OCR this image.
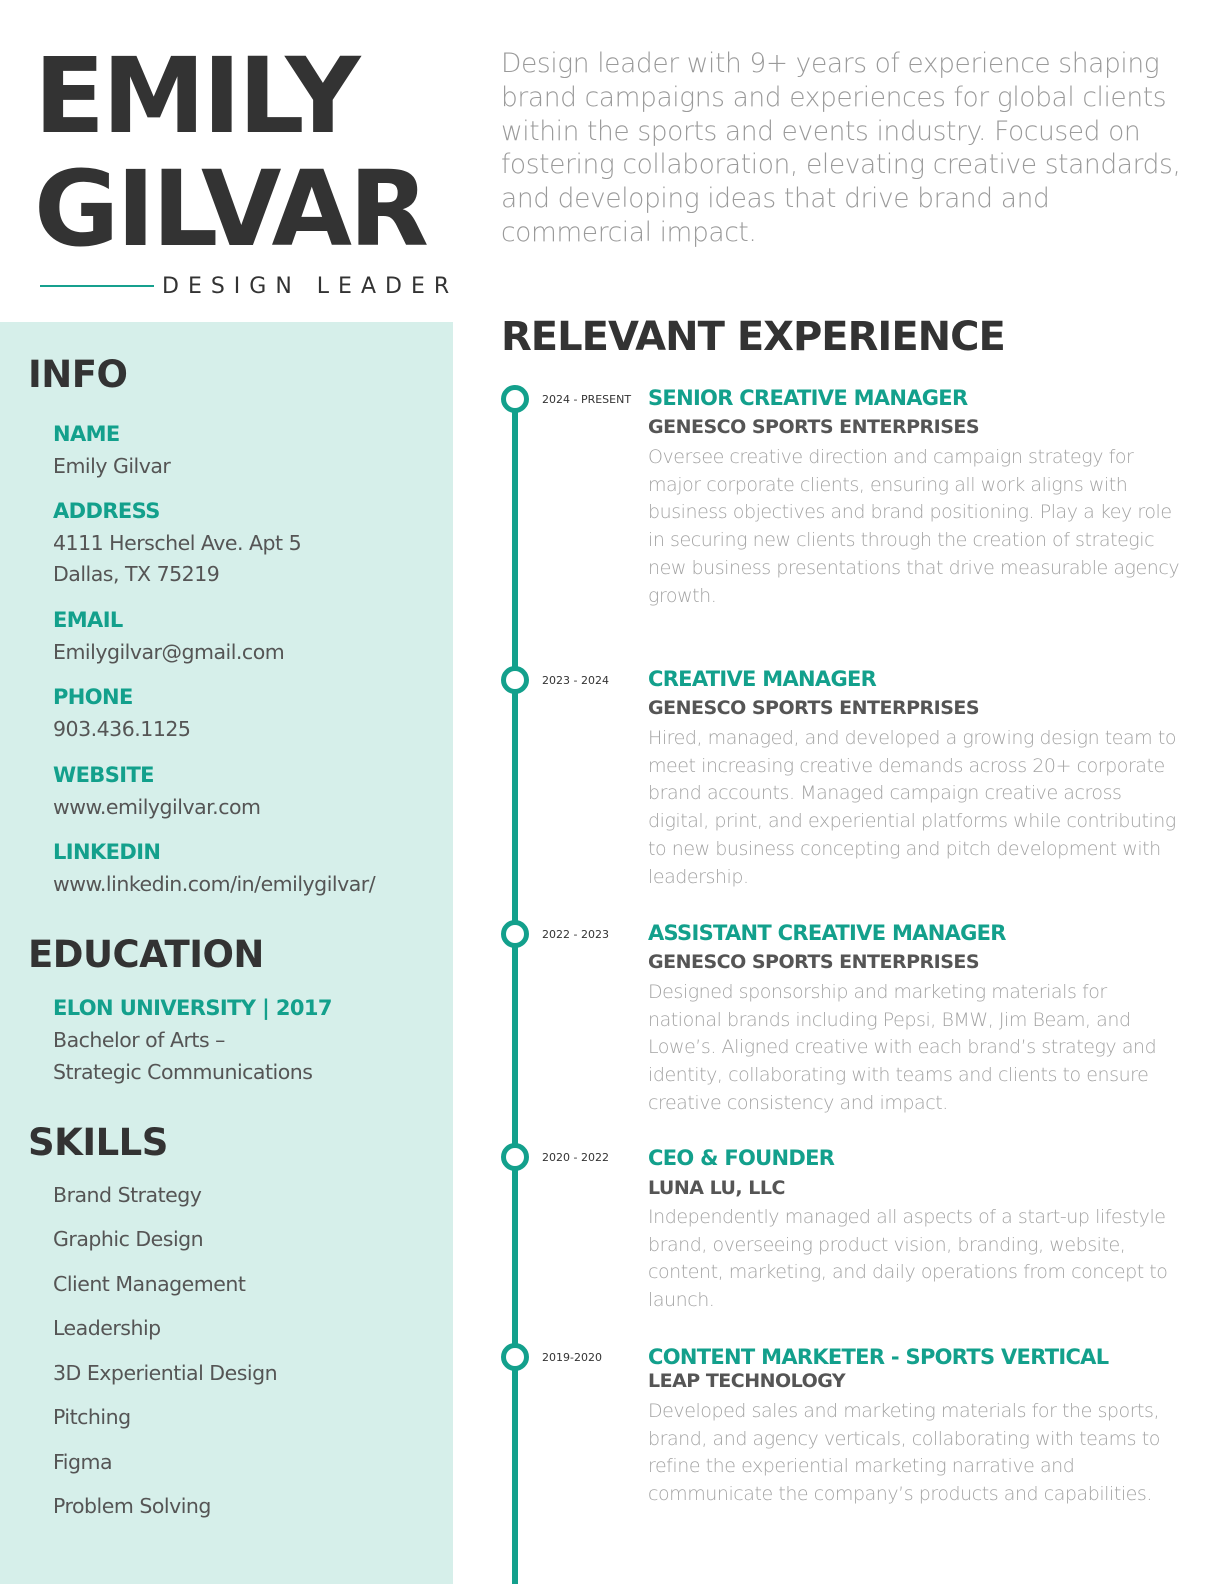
EMILY
GILVAR
DESIGN LEADER

Design leader with 9+ years of experience shaping brand campaigns and experiences for global clients within the sports and events industry. Focused on fostering collaboration, elevating creative standards, and developing ideas that drive brand and commercial impact.

INFO
NAME
Emily Gilvar
ADDRESS
4111 Herschel Ave. Apt 5
Dallas, TX 75219
EMAIL
Emilygilvar@gmail.com
PHONE
903.436.1125
WEBSITE
www.emilygilvar.com
LINKEDIN
www.linkedin.com/in/emilygilvar/
EDUCATION
ELON UNIVERSITY | 2017
Bachelor of Arts –
Strategic Communications
SKILLS
Brand Strategy
Graphic Design
Client Management
Leadership
3D Experiential Design
Pitching
Figma
Problem Solving
RELEVANT EXPERIENCE
2024 - PRESENT SENIOR CREATIVE MANAGER
GENESCO SPORTS ENTERPRISES

Oversee creative direction and campaign strategy for major corporate clients, ensuring all work aligns with business objectives and brand positioning. Play a key role in securing new clients through the creation of strategic new business presentations that drive measurable agency growth.

2023 - 2024 CREATIVE MANAGER
GENESCO SPORTS ENTERPRISES

Hired, managed, and developed a growing design team to meet increasing creative demands across 20+ corporate brand accounts. Managed campaign creative across digital, print, and experiential platforms while contributing to new business concepting and pitch development with leadership.

2022 - 2023 ASSISTANT CREATIVE MANAGER
GENESCO SPORTS ENTERPRISES

Designed sponsorship and marketing materials for national brands including Pepsi, BMW, Jim Beam, and Lowe’s. Aligned creative with each brand’s strategy and identity, collaborating with teams and clients to ensure creative consistency and impact.

2020 - 2022 CEO & FOUNDER
LUNA LU, LLC

Independently managed all aspects of a start-up lifestyle brand, overseeing product vision, branding, website, content, marketing, and daily operations from concept to launch.

2019-2020 CONTENT MARKETER - SPORTS VERTICAL
LEAP TECHNOLOGY

Developed sales and marketing materials for the sports, brand, and agency verticals, collaborating with teams to refine the experiential marketing narrative and communicate the company’s products and capabilities.
